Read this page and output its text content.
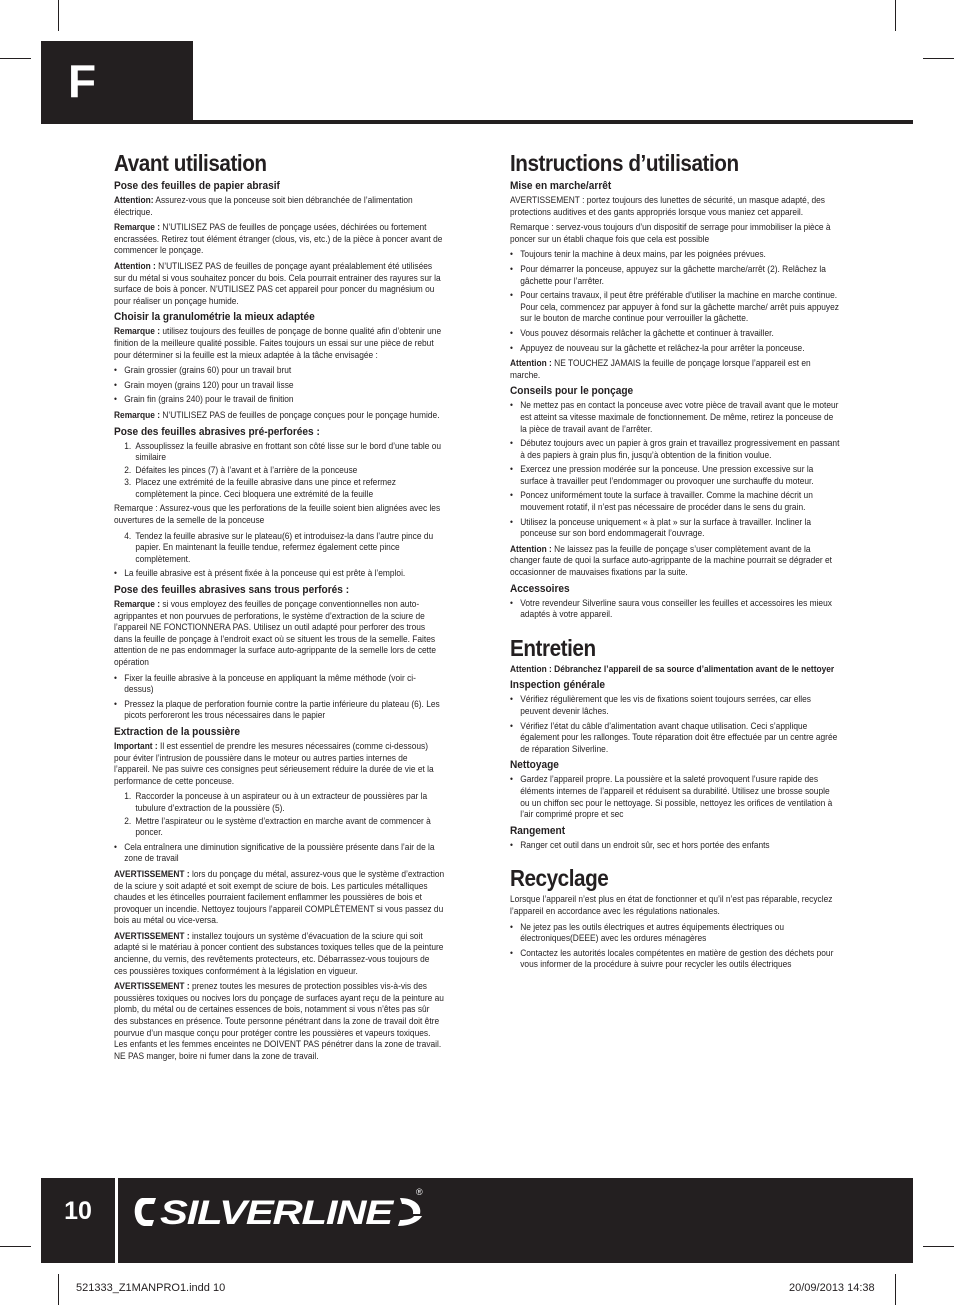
F
Avant utilisation
Pose des feuilles de papier abrasif
Attention: Assurez-vous que la ponceuse soit bien débranchée de l’alimentation électrique.
Remarque : N’UTILISEZ PAS de feuilles de ponçage usées, déchirées ou fortement encrassées. Retirez tout élément étranger (clous, vis, etc.) de la pièce à poncer avant de commencer le ponçage.
Attention : N’UTILISEZ PAS de feuilles de ponçage ayant préalablement été utilisées sur du métal si vous souhaitez poncer du bois. Cela pourrait entrainer des rayures sur la surface de bois à poncer. N’UTILISEZ PAS cet appareil pour poncer du magnésium ou pour réaliser un ponçage humide.
Choisir la granulométrie la mieux adaptée
Remarque : utilisez toujours des feuilles de ponçage de bonne qualité afin d’obtenir une finition de la meilleure qualité possible. Faites toujours un essai sur une pièce de rebut pour déterminer si la feuille est la mieux adaptée à la tâche envisagée :
• Grain grossier (grains 60) pour un travail brut
• Grain moyen (grains 120) pour un travail lisse
• Grain fin (grains 240) pour le travail de finition
Remarque : N’UTILISEZ PAS de feuilles de ponçage conçues pour le ponçage humide.
Pose des feuilles abrasives pré-perforées :
1. Assouplissez la feuille abrasive en frottant son côté lisse sur le bord d’une table ou similaire
2. Défaites les pinces (7) à l’avant et à l’arrière de la ponceuse
3. Placez une extrémité de la feuille abrasive dans une pince et refermez complètement la pince. Ceci bloquera une extrémité de la feuille
Remarque : Assurez-vous que les perforations de la feuille soient bien alignées avec les ouvertures de la semelle de la ponceuse
4. Tendez la feuille abrasive sur le plateau(6) et introduisez-la dans l’autre pince du papier. En maintenant la feuille tendue, refermez également cette pince complètement.
• La feuille abrasive est à présent fixée à la ponceuse qui est prête à l’emploi.
Pose des feuilles abrasives sans trous perforés :
Remarque : si vous employez des feuilles de ponçage conventionnelles non auto-agrippantes et non pourvues de perforations, le système d’extraction de la sciure de l’appareil NE FONCTIONNERA PAS. Utilisez un outil adapté pour perforer des trous dans la feuille de ponçage à l’endroit exact où se situent les trous de la semelle. Faites attention de ne pas endommager la surface auto-agrippante de la semelle lors de cette opération
• Fixer la feuille abrasive à la ponceuse en appliquant la même méthode (voir ci-dessus)
• Pressez la plaque de perforation fournie contre la partie inférieure du plateau (6). Les picots perforeront les trous nécessaires dans le papier
Extraction de la poussière
Important : Il est essentiel de prendre les mesures nécessaires (comme ci-dessous) pour éviter l’intrusion de poussière dans le moteur ou autres parties internes de l’appareil. Ne pas suivre ces consignes peut sérieusement réduire la durée de vie et la performance de cette ponceuse.
1. Raccorder la ponceuse à un aspirateur ou à un extracteur de poussières par la tubulure d’extraction de la poussière (5).
2. Mettre l’aspirateur ou le système d’extraction en marche avant de commencer à poncer.
• Cela entraînera une diminution significative de la poussière présente dans l’air de la zone de travail
AVERTISSEMENT : lors du ponçage du métal, assurez-vous que le système d’extraction de la sciure y soit adapté et soit exempt de sciure de bois. Les particules métalliques chaudes et les étincelles pourraient facilement enflammer les poussières de bois et provoquer un incendie. Nettoyez toujours l’appareil COMPLÈTEMENT si vous passez du bois au métal ou vice-versa.
AVERTISSEMENT : installez toujours un système d’évacuation de la sciure qui soit adapté si le matériau à poncer contient des substances toxiques telles que de la peinture ancienne, du vernis, des revêtements protecteurs, etc. Débarrassez-vous toujours de ces poussières toxiques conformément à la législation en vigueur.
AVERTISSEMENT : prenez toutes les mesures de protection possibles vis-à-vis des poussières toxiques ou nocives lors du ponçage de surfaces ayant reçu de la peinture au plomb, du métal ou de certaines essences de bois, notamment si vous n’êtes pas sûr des substances en présence. Toute personne pénétrant dans la zone de travail doit être pourvue d’un masque conçu pour protéger contre les poussières et vapeurs toxiques. Les enfants et les femmes enceintes ne DOIVENT PAS pénétrer dans la zone de travail. NE PAS manger, boire ni fumer dans la zone de travail.
Instructions d’utilisation
Mise en marche/arrêt
AVERTISSEMENT : portez toujours des lunettes de sécurité, un masque adapté, des protections auditives et des gants appropriés lorsque vous maniez cet appareil.
Remarque : servez-vous toujours d’un dispositif de serrage pour immobiliser la pièce à poncer sur un établi chaque fois que cela est possible
• Toujours tenir la machine à deux mains, par les poignées prévues.
• Pour démarrer la ponceuse, appuyez sur la gâchette marche/arrêt (2). Relâchez la gâchette pour l’arrêter.
• Pour certains travaux, il peut être préférable d’utiliser la machine en marche continue. Pour cela, commencez par appuyer à fond sur la gâchette marche/ arrêt puis appuyez sur le bouton de marche continue pour verrouiller la gâchette.
• Vous pouvez désormais relâcher la gâchette et continuer à travailler.
• Appuyez de nouveau sur la gâchette et relâchez-la pour arrêter la ponceuse.
Attention : NE TOUCHEZ JAMAIS la feuille de ponçage lorsque l’appareil est en marche.
Conseils pour le ponçage
• Ne mettez pas en contact la ponceuse avec votre pièce de travail avant que le moteur est atteint sa vitesse maximale de fonctionnement. De même, retirez la ponceuse de la pièce de travail avant de l’arrêter.
• Débutez toujours avec un papier à gros grain et travaillez progressivement en passant à des papiers à grain plus fin, jusqu’à obtention de la finition voulue.
• Exercez une pression modérée sur la ponceuse. Une pression excessive sur la surface à travailler peut l’endommager ou provoquer une surchauffe du moteur.
• Poncez uniformément toute la surface à travailler. Comme la machine décrit un mouvement rotatif, il n’est pas nécessaire de procéder dans le sens du grain.
• Utilisez la ponceuse uniquement « à plat » sur la surface à travailler. Incliner la ponceuse sur son bord endommagerait l’ouvrage.
Attention : Ne laissez pas la feuille de ponçage s’user complètement avant de la changer faute de quoi la surface auto-agrippante de la machine pourrait se dégrader et occasionner de mauvaises fixations par la suite.
Accessoires
• Votre revendeur Silverline saura vous conseiller les feuilles et accessoires les mieux adaptés à votre appareil.
Entretien
Attention : Débranchez l’appareil de sa source d’alimentation avant de le nettoyer
Inspection générale
• Vérifiez régulièrement que les vis de fixations soient toujours serrées, car elles peuvent devenir lâches.
• Vérifiez l’état du câble d’alimentation avant chaque utilisation. Ceci s’applique également pour les rallonges. Toute réparation doit être effectuée par un centre agrée de réparation Silverline.
Nettoyage
• Gardez l’appareil propre. La poussière et la saleté provoquent l’usure rapide des éléments internes de l’appareil et réduisent sa durabilité. Utilisez une brosse souple ou un chiffon sec pour le nettoyage. Si possible, nettoyez les orifices de ventilation à l’air comprimé propre et sec
Rangement
• Ranger cet outil dans un endroit sûr, sec et hors portée des enfants
Recyclage
Lorsque l’appareil n’est plus en état de fonctionner et qu’il n’est pas réparable, recyclez l’appareil en accordance avec les régulations nationales.
• Ne jetez pas les outils électriques et autres équipements électriques ou électroniques(DEEE) avec les ordures ménagères
• Contactez les autorités locales compétentes en matière de gestion des déchets pour vous informer de la procédure à suivre pour recycler les outils électriques
10	SILVERLINE
®
521333_Z1MANPRO1.indd 10	20/09/2013 14:38
